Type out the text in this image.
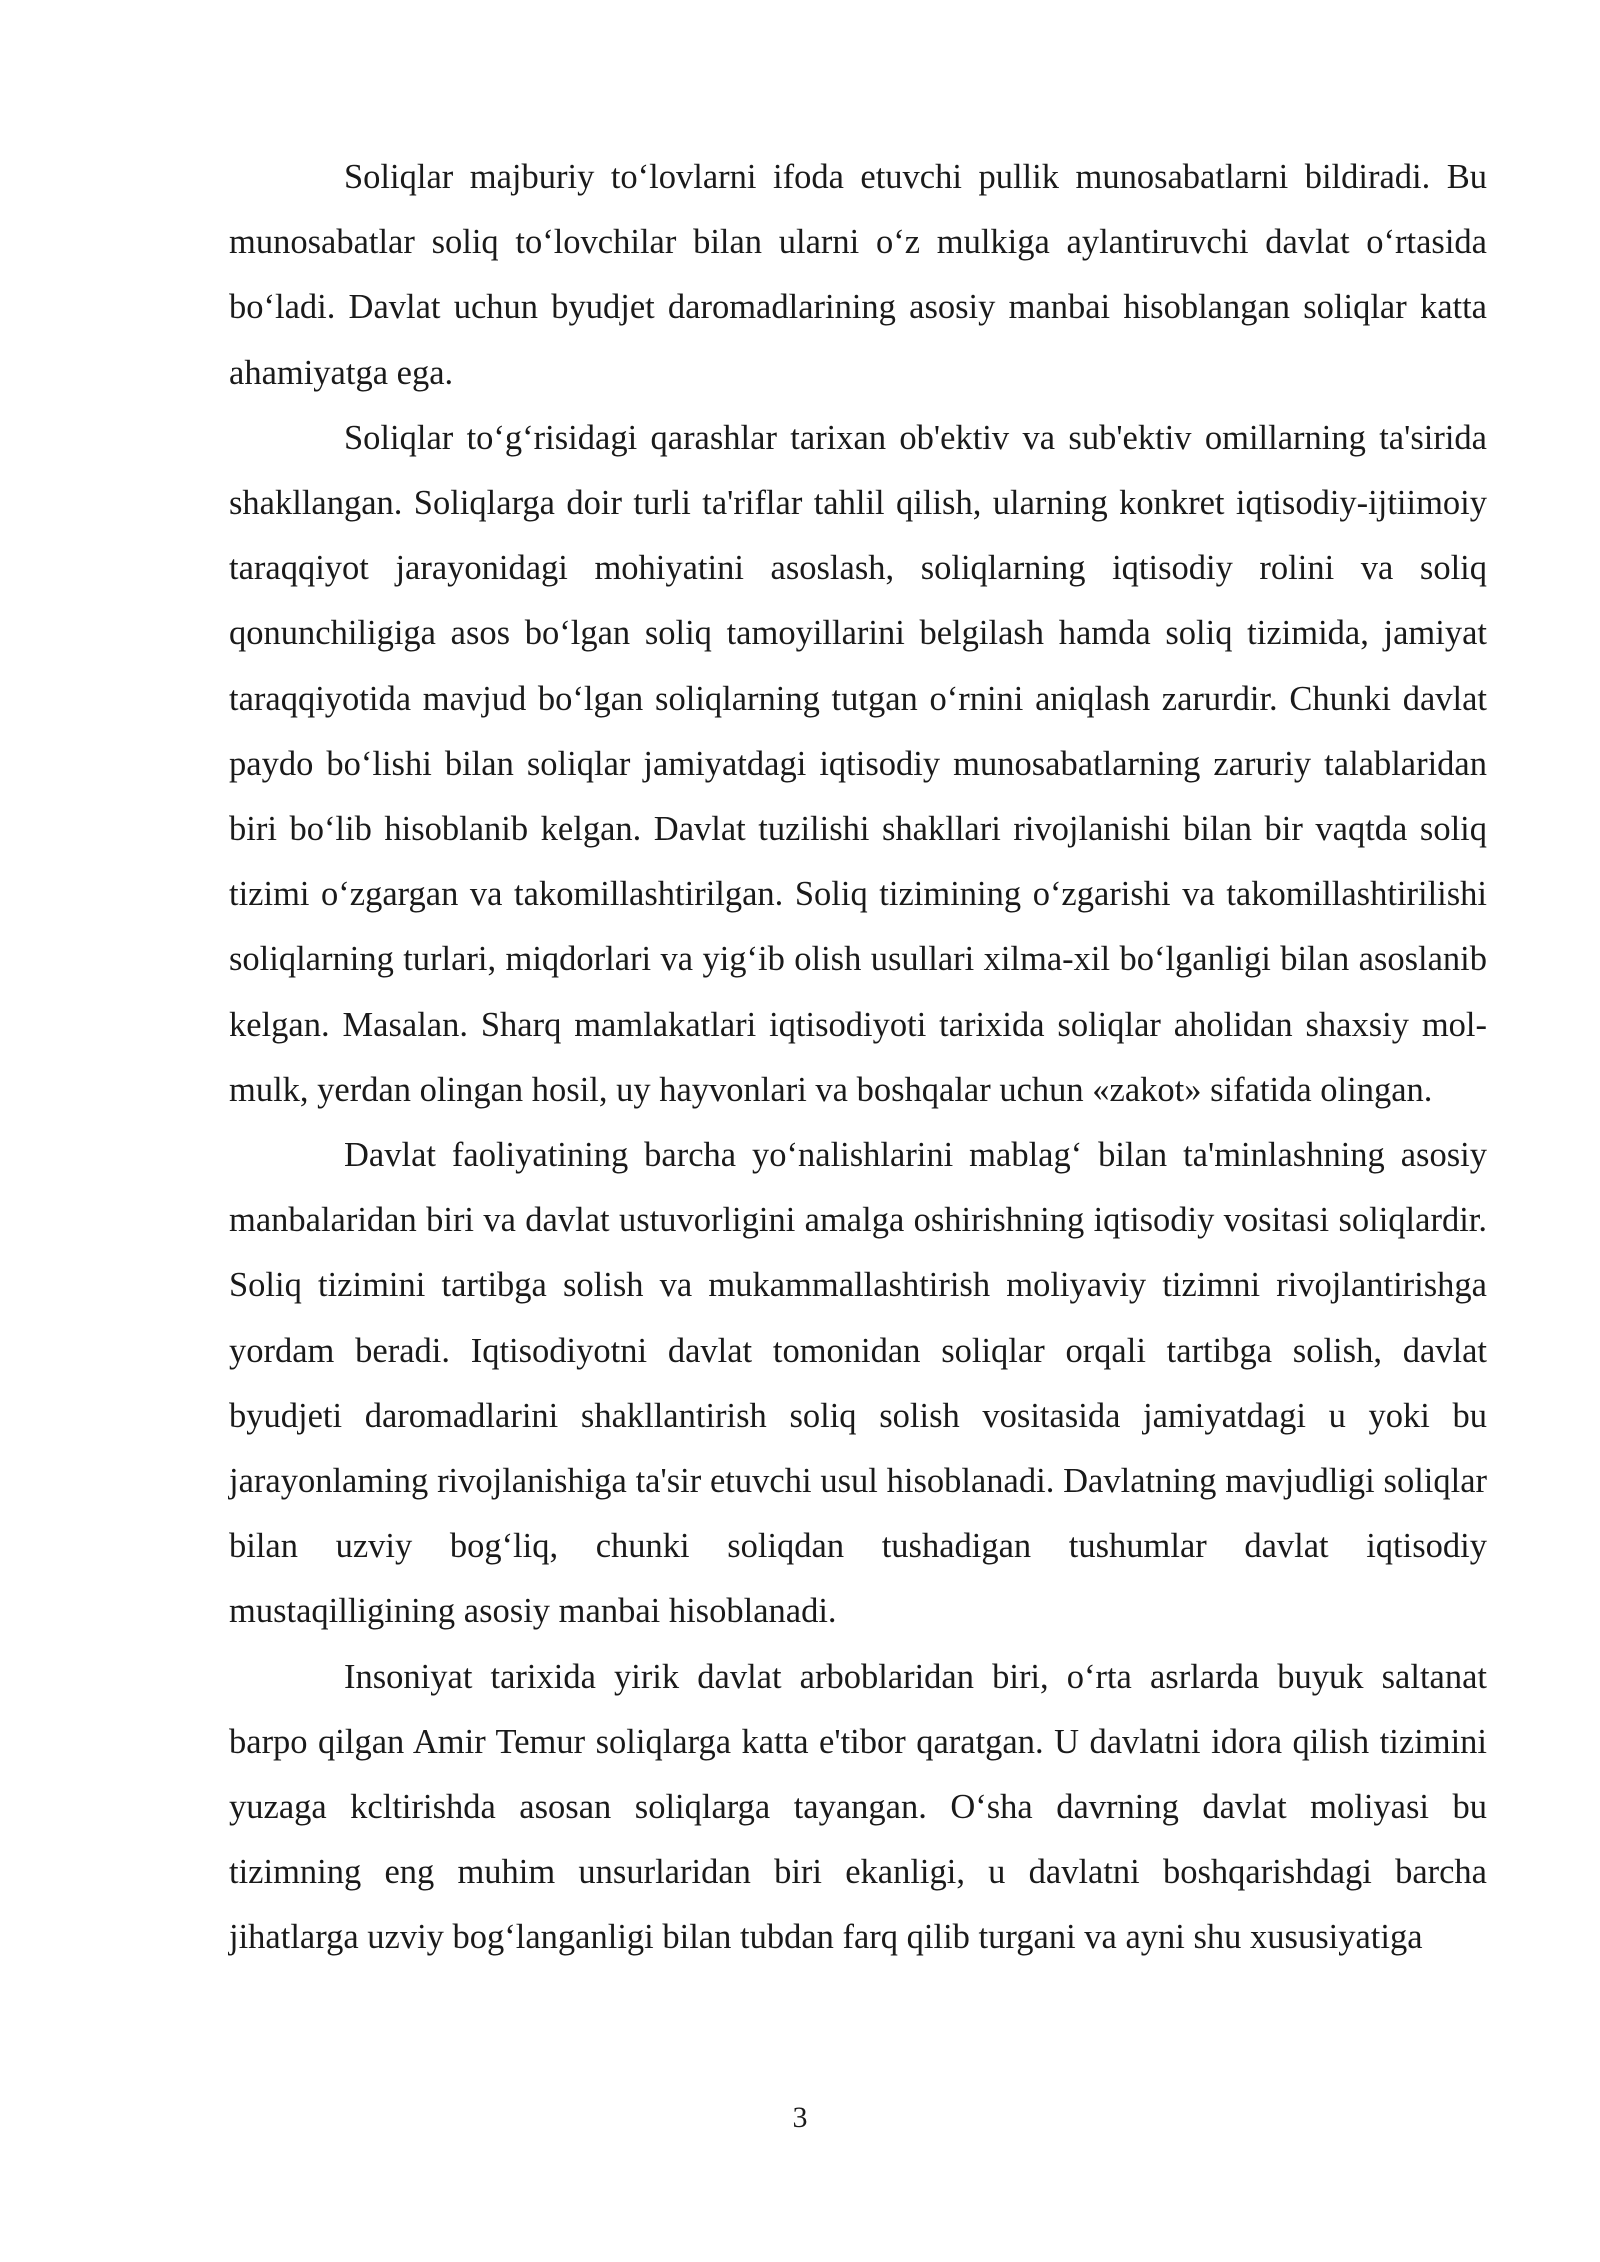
Soliqlar majburiy to‘lovlarni ifoda etuvchi pullik munosabatlarni bildiradi. Bu munosabatlar soliq to‘lovchilar bilan ularni o‘z mulkiga aylantiruvchi davlat o‘rtasida bo‘ladi. Davlat uchun byudjet daromadlarining asosiy manbai hisoblangan soliqlar katta ahamiyatga ega.

Soliqlar to‘g‘risidagi qarashlar tarixan ob'ektiv va sub'ektiv omillarning ta'sirida shakllangan. Soliqlarga doir turli ta'riflar tahlil qilish, ularning konkret iqtisodiy-ijtiimoiy taraqqiyot jarayonidagi mohiyatini asoslash, soliqlarning iqtisodiy rolini va soliq qonunchiligiga asos bo‘lgan soliq tamoyillarini belgilash hamda soliq tizimida, jamiyat taraqqiyotida mavjud bo‘lgan soliqlarning tutgan o‘rnini aniqlash zarurdir. Chunki davlat paydo bo‘lishi bilan soliqlar jamiyatdagi iqtisodiy munosabatlarning zaruriy talablaridan biri bo‘lib hisoblanib kelgan. Davlat tuzilishi shakllari rivojlanishi bilan bir vaqtda soliq tizimi o‘zgargan va takomillashtirilgan. Soliq tizimining o‘zgarishi va takomillashtirilishi soliqlarning turlari, miqdorlari va yig‘ib olish usullari xilma-xil bo‘lganligi bilan asoslanib kelgan. Masalan. Sharq mamlakatlari iqtisodiyoti tarixida soliqlar aholidan shaxsiy mol-mulk, yerdan olingan hosil, uy hayvonlari va boshqalar uchun «zakot» sifatida olingan.

Davlat faoliyatining barcha yo‘nalishlarini mablag‘ bilan ta'minlashning asosiy manbalaridan biri va davlat ustuvorligini amalga oshirishning iqtisodiy vositasi soliqlardir. Soliq tizimini tartibga solish va mukammallashtirish moliyaviy tizimni rivojlantirishga yordam beradi. Iqtisodiyotni davlat tomonidan soliqlar orqali tartibga solish, davlat byudjeti daromadlarini shakllantirish soliq solish vositasida jamiyatdagi u yoki bu jarayonlaming rivojlanishiga ta'sir etuvchi usul hisoblanadi. Davlatning mavjudligi soliqlar bilan uzviy bog‘liq, chunki soliqdan tushadigan tushumlar davlat iqtisodiy mustaqilligining asosiy manbai hisoblanadi.

Insoniyat tarixida yirik davlat arboblaridan biri, o‘rta asrlarda buyuk saltanat barpo qilgan Amir Temur soliqlarga katta e'tibor qaratgan. U davlatni idora qilish tizimini yuzaga kcltirishda asosan soliqlarga tayangan. O‘sha davrning davlat moliyasi bu tizimning eng muhim unsurlaridan biri ekanligi, u davlatni boshqarishdagi barcha jihatlarga uzviy bog‘langanligi bilan tubdan farq qilib turgani va ayni shu xususiyatiga

3
